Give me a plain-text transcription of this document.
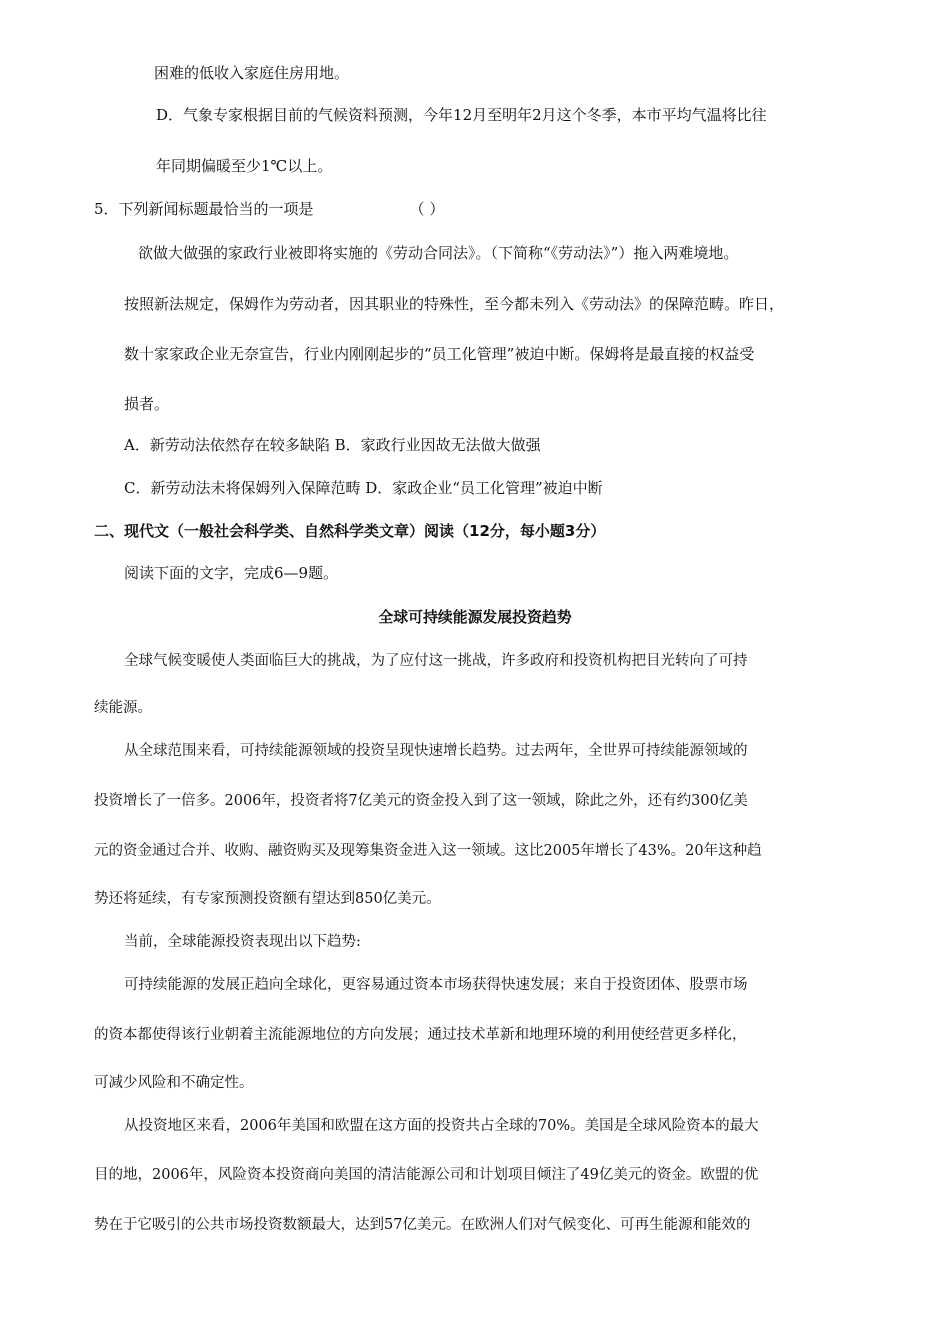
困难的低收入家庭住房用地。
D．气象专家根据目前的气候资料预测，今年12月至明年2月这个冬季，本市平均气温将比往
年同期偏暖至少1℃以上。
5．下列新闻标题最恰当的一项是	（ ）
欲做大做强的家政行业被即将实施的《劳动合同法》。（下简称“《劳动法》”）拖入两难境地。
按照新法规定，保姆作为劳动者，因其职业的特殊性，至今都未列入《劳动法》的保障范畴。昨日，
数十家家政企业无奈宣告，行业内刚刚起步的“员工化管理”被迫中断。保姆将是最直接的权益受
损者。
A．新劳动法依然存在较多缺陷 B．家政行业因故无法做大做强
C．新劳动法未将保姆列入保障范畴 D．家政企业“员工化管理”被迫中断
二、现代文（一般社会科学类、自然科学类文章）阅读（12分，每小题3分）
阅读下面的文字，完成6—9题。
全球可持续能源发展投资趋势
全球气候变暖使人类面临巨大的挑战，为了应付这一挑战，许多政府和投资机构把目光转向了可持
续能源。
从全球范围来看，可持续能源领域的投资呈现快速增长趋势。过去两年，全世界可持续能源领域的
投资增长了一倍多。2006年，投资者将7亿美元的资金投入到了这一领域，除此之外，还有约300亿美
元的资金通过合并、收购、融资购买及现筹集资金进入这一领域。这比2005年增长了43%。20年这种趋
势还将延续，有专家预测投资额有望达到850亿美元。
当前，全球能源投资表现出以下趋势:
可持续能源的发展正趋向全球化，更容易通过资本市场获得快速发展；来自于投资团体、股票市场
的资本都使得该行业朝着主流能源地位的方向发展；通过技术革新和地理环境的利用使经营更多样化，
可减少风险和不确定性。
从投资地区来看，2006年美国和欧盟在这方面的投资共占全球的70%。美国是全球风险资本的最大
目的地，2006年，风险资本投资商向美国的清洁能源公司和计划项目倾注了49亿美元的资金。欧盟的优
势在于它吸引的公共市场投资数额最大，达到57亿美元。在欧洲人们对气候变化、可再生能源和能效的
